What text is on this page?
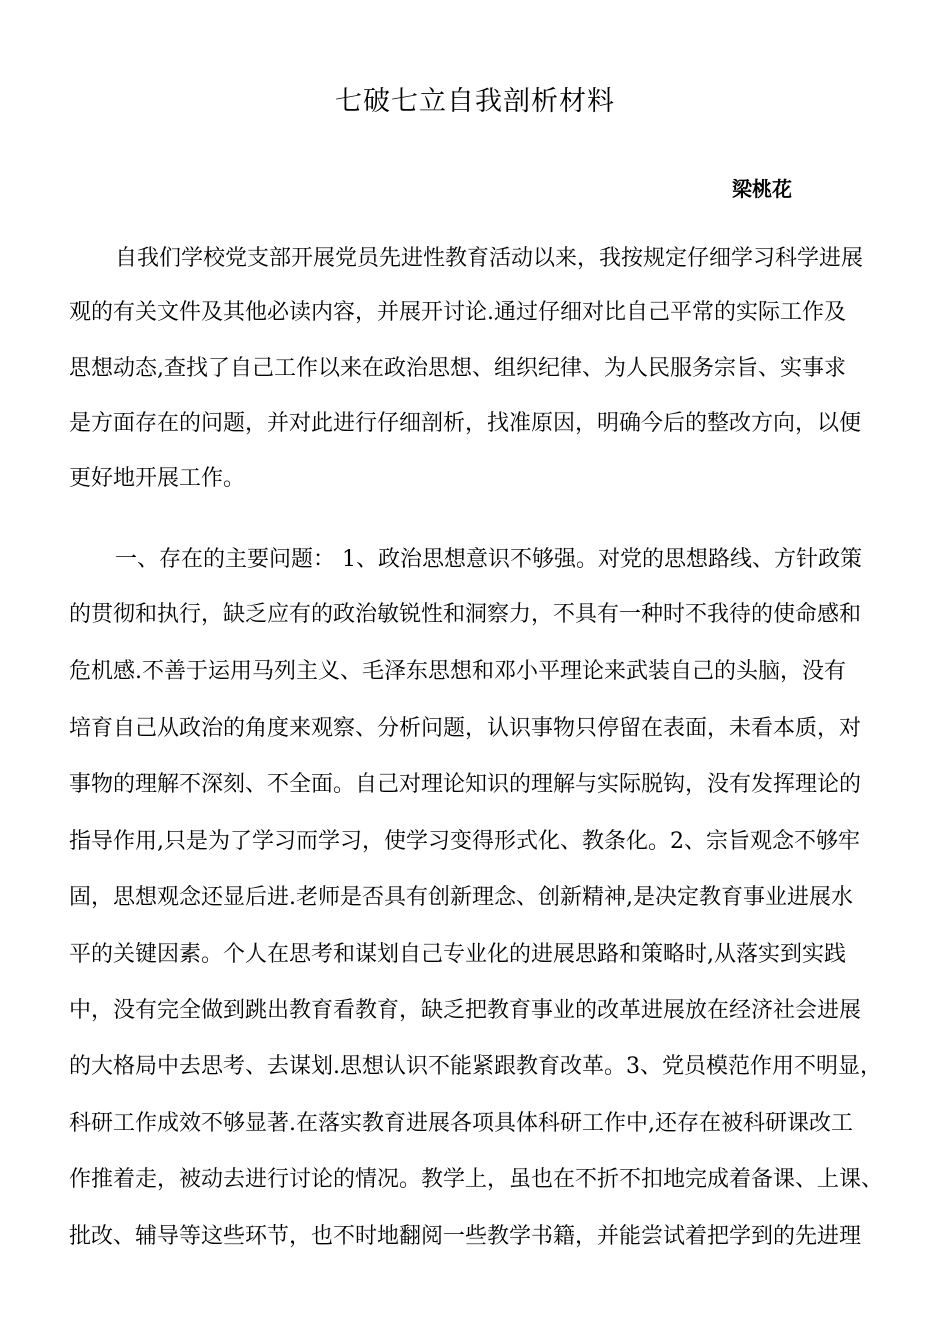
七破七立自我剖析材料
梁桃花
自我们学校党支部开展党员先进性教育活动以来，我按规定仔细学习科学进展
观的有关文件及其他必读内容，并展开讨论.通过仔细对比自己平常的实际工作及
思想动态,查找了自己工作以来在政治思想、组织纪律、为人民服务宗旨、实事求
是方面存在的问题，并对此进行仔细剖析，找准原因，明确今后的整改方向，以便
更好地开展工作。
一、存在的主要问题： 1、政治思想意识不够强。对党的思想路线、方针政策
的贯彻和执行，缺乏应有的政治敏锐性和洞察力，不具有一种时不我待的使命感和
危机感.不善于运用马列主义、毛泽东思想和邓小平理论来武装自己的头脑，没有
培育自己从政治的角度来观察、分析问题，认识事物只停留在表面，未看本质，对
事物的理解不深刻、不全面。自己对理论知识的理解与实际脱钩，没有发挥理论的
指导作用,只是为了学习而学习，使学习变得形式化、教条化。2、宗旨观念不够牢
固，思想观念还显后进.老师是否具有创新理念、创新精神,是决定教育事业进展水
平的关键因素。个人在思考和谋划自己专业化的进展思路和策略时,从落实到实践
中，没有完全做到跳出教育看教育，缺乏把教育事业的改革进展放在经济社会进展
的大格局中去思考、去谋划.思想认识不能紧跟教育改革。3、党员模范作用不明显，
科研工作成效不够显著.在落实教育进展各项具体科研工作中,还存在被科研课改工
作推着走，被动去进行讨论的情况。教学上，虽也在不折不扣地完成着备课、上课、
批改、辅导等这些环节，也不时地翻阅一些教学书籍，并能尝试着把学到的先进理
